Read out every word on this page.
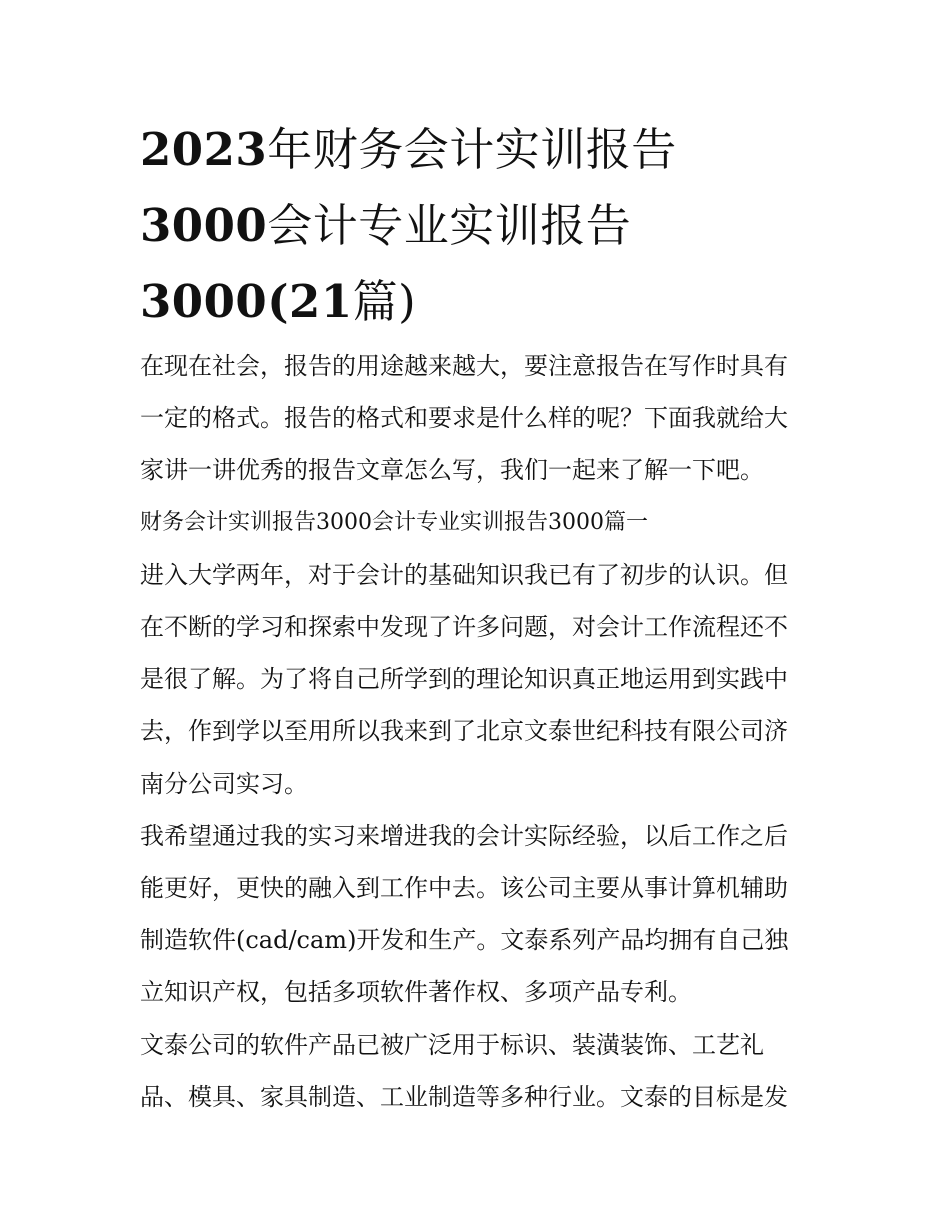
2023年财务会计实训报告
3000会计专业实训报告
3000(21篇)
在现在社会，报告的用途越来越大，要注意报告在写作时具有
一定的格式。报告的格式和要求是什么样的呢？下面我就给大
家讲一讲优秀的报告文章怎么写，我们一起来了解一下吧。
财务会计实训报告3000会计专业实训报告3000篇一
进入大学两年，对于会计的基础知识我已有了初步的认识。但
在不断的学习和探索中发现了许多问题，对会计工作流程还不
是很了解。为了将自己所学到的理论知识真正地运用到实践中
去，作到学以至用所以我来到了北京文泰世纪科技有限公司济
南分公司实习。
我希望通过我的实习来增进我的会计实际经验，以后工作之后
能更好，更快的融入到工作中去。该公司主要从事计算机辅助
制造软件(cad/cam)开发和生产。文泰系列产品均拥有自己独
立知识产权，包括多项软件著作权、多项产品专利。
文泰公司的软件产品已被广泛用于标识、装潢装饰、工艺礼
品、模具、家具制造、工业制造等多种行业。文泰的目标是发
